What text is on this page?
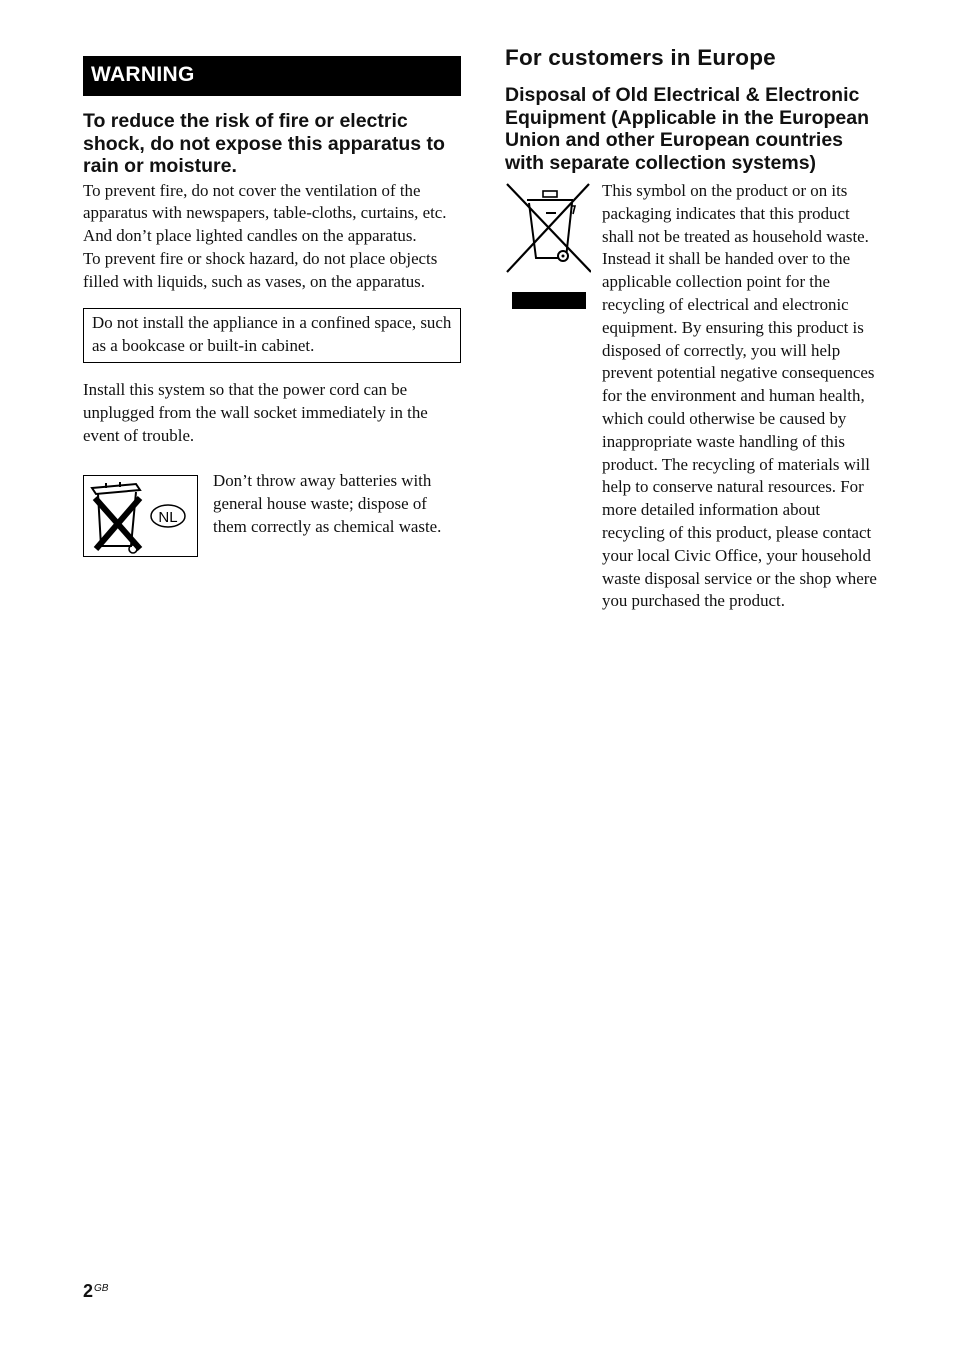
WARNING
To reduce the risk of fire or electric shock, do not expose this apparatus to rain or moisture.

To prevent fire, do not cover the ventilation of the apparatus with newspapers, table-cloths, curtains, etc. And don’t place lighted candles on the apparatus.

To prevent fire or shock hazard, do not place objects filled with liquids, such as vases, on the apparatus.

Do not install the appliance in a confined space, such as a bookcase or built-in cabinet.

Install this system so that the power cord can be unplugged from the wall socket immediately in the event of trouble.

NL
Don’t throw away batteries with general house waste; dispose of them correctly as chemical waste.
For customers in Europe
Disposal of Old Electrical & Electronic Equipment (Applicable in the European Union and other European countries with separate collection systems)
This symbol on the product or on its packaging indicates that this product shall not be treated as household waste. Instead it shall be handed over to the applicable collection point for the recycling of electrical and electronic equipment. By ensuring this product is disposed of correctly, you will help prevent potential negative consequences for the environment and human health, which could otherwise be caused by inappropriate waste handling of this product. The recycling of materials will help to conserve natural resources. For more detailed information about recycling of this product, please contact your local Civic Office, your household waste disposal service or the shop where you purchased the product.
$2^{GB}$
